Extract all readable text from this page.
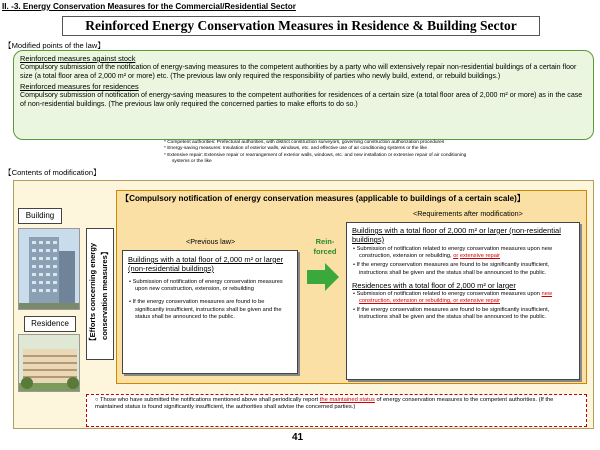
II. -3. Energy Conservation Measures for the Commercial/Residential Sector
Reinforced Energy Conservation Measures in Residence & Building Sector
【Modified points of the law】
Reinforced measures against stock
Compulsory submission of the notification of energy-saving measures to the competent authorities by a party who will extensively repair non-residential buildings of a certain floor size (a total floor area of 2,000 m² or more) etc. (The previous law only required the responsibility of parties who newly build, extend, or rebuild buildings.)
Reinforced measures for residences
Compulsory submission of notification of energy-saving measures to the competent authorities for residences of a certain size (a total floor area of 2,000 m² or more) as in the case of non-residential buildings. (The previous law only required the concerned parties to make efforts to do so.)
* Competent authorities: Prefectural authorities, with district construction surveyors, governing construction authorization procedures
* Energy-saving measures: Insulation of exterior walls, windows, etc. and effective use of air conditioning systems or the like
* Extensive repair: Extensive repair or rearrangement of exterior walls, windows, etc. and new installation or extensive repair of air conditioning
systems or the like
【Contents of modification】
Building
Residence	【Efforts concerning energy conservation measures】
【Compulsory notification of energy conservation measures (applicable to buildings of a certain scale)】
<Requirements after modification>
<Previous law>
Buildings with a total floor of 2,000 m² or larger (non-residential buildings)
• Submission of notification of energy conservation measures upon new construction, extension, or rebuilding
• If the energy conservation measures are found to be significantly insufficient, instructions shall be given and the status shall be announced to the public.
Rein-
forced
Buildings with a total floor of 2,000 m² or larger (non-residential buildings)
• Submission of notification related to energy conservation measures upon new construction, extension or rebuilding, or extensive repair
• If the energy conservation measures are found to be significantly insufficient, instructions shall be given and the status shall be announced to the public.
Residences with a total floor of 2,000 m² or larger
• Submission of notification related to energy conservation measures upon new construction, extension or rebuilding, or extensive repair
• If the energy conservation measures are found to be significantly insufficient, instructions shall be given and the status shall be announced to the public.
○ Those who have submitted the notifications mentioned above shall periodically report the maintained status of energy conservation measures to the competent authorities. (If the maintained status is found significantly insufficient, the authorities shall advise the concerned parties.)
41
